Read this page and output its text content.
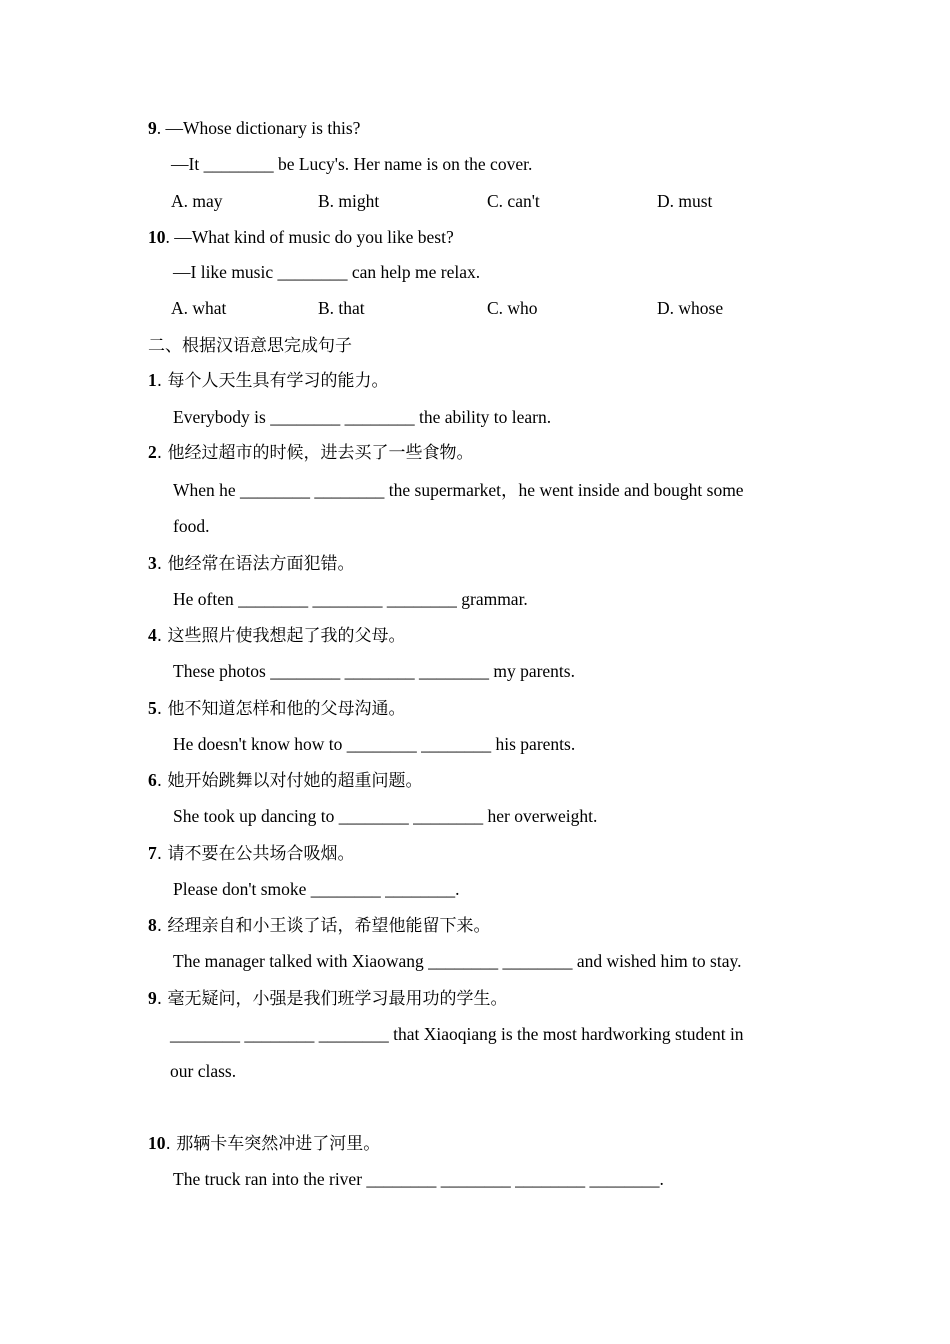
9. —Whose dictionary is this?
—It ________ be Lucy's. Her name is on the cover.
A. may	B. might	C. can't	D. must
10. —What kind of music do you like best?
—I like music ________ can help me relax.
A. what	B. that	C. who	D. whose
二、根据汉语意思完成句子
1. 每个人天生具有学习的能力。
Everybody is ________ ________ the ability to learn.
2. 他经过超市的时候，进去买了一些食物。
When he ________ ________ the supermarket，he went inside and bought some
food.
3. 他经常在语法方面犯错。
He often ________ ________ ________ grammar.
4. 这些照片使我想起了我的父母。
These photos ________ ________ ________ my parents.
5. 他不知道怎样和他的父母沟通。
He doesn't know how to ________ ________ his parents.
6. 她开始跳舞以对付她的超重问题。
She took up dancing to ________ ________ her overweight.
7. 请不要在公共场合吸烟。
Please don't smoke ________ ________.
8. 经理亲自和小王谈了话，希望他能留下来。
The manager talked with Xiaowang ________ ________ and wished him to stay.
9. 毫无疑问，小强是我们班学习最用功的学生。
________ ________ ________ that Xiaoqiang is the most hardworking student in
our class.
10. 那辆卡车突然冲进了河里。
The truck ran into the river ________ ________ ________ ________.
